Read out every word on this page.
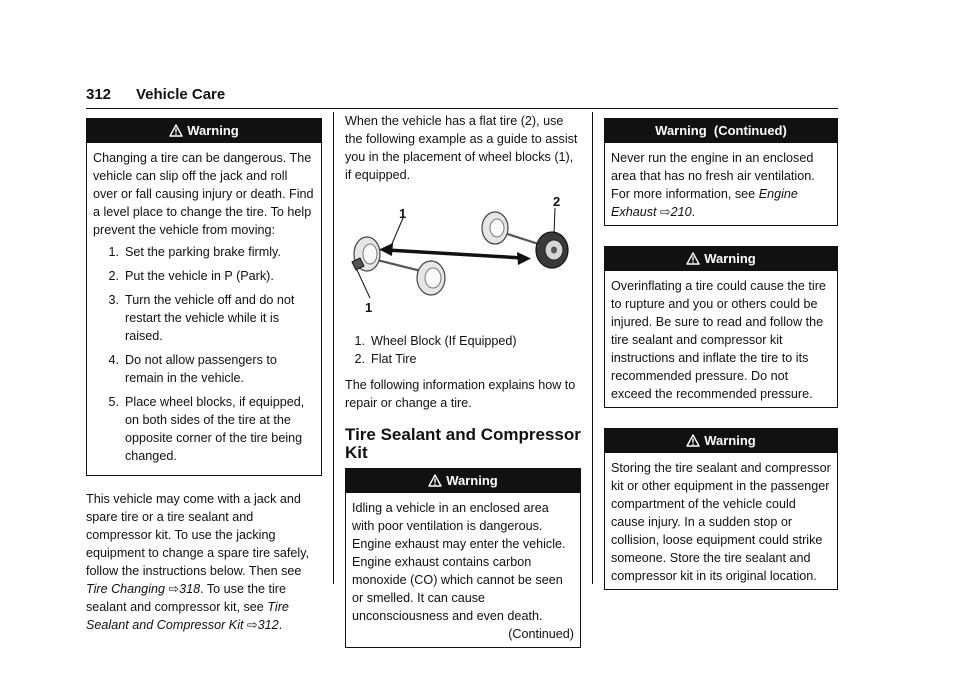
312 Vehicle Care
Warning

Changing a tire can be dangerous. The vehicle can slip off the jack and roll over or fall causing injury or death. Find a level place to change the tire. To help prevent the vehicle from moving:

1. Set the parking brake firmly.
2. Put the vehicle in P (Park).
3. Turn the vehicle off and do not restart the vehicle while it is raised.
4. Do not allow passengers to remain in the vehicle.
5. Place wheel blocks, if equipped, on both sides of the tire at the opposite corner of the tire being changed.

This vehicle may come with a jack and spare tire or a tire sealant and compressor kit. To use the jacking equipment to change a spare tire safely, follow the instructions below. Then see Tire Changing ⇨318. To use the tire sealant and compressor kit, see Tire Sealant and Compressor Kit ⇨312.

When the vehicle has a flat tire (2), use the following example as a guide to assist you in the placement of wheel blocks (1), if equipped.

1
2
1
1. Wheel Block (If Equipped)
2. Flat Tire

The following information explains how to repair or change a tire.

Tire Sealant and Compressor Kit
Warning

Idling a vehicle in an enclosed area with poor ventilation is dangerous. Engine exhaust may enter the vehicle. Engine exhaust contains carbon monoxide (CO) which cannot be seen or smelled. It can cause unconsciousness and even death.

(Continued)
Warning  (Continued)

Never run the engine in an enclosed area that has no fresh air ventilation. For more information, see Engine Exhaust ⇨210.

Warning

Overinflating a tire could cause the tire to rupture and you or others could be injured. Be sure to read and follow the tire sealant and compressor kit instructions and inflate the tire to its recommended pressure. Do not exceed the recommended pressure.

Warning

Storing the tire sealant and compressor kit or other equipment in the passenger compartment of the vehicle could cause injury. In a sudden stop or collision, loose equipment could strike someone. Store the tire sealant and compressor kit in its original location.
